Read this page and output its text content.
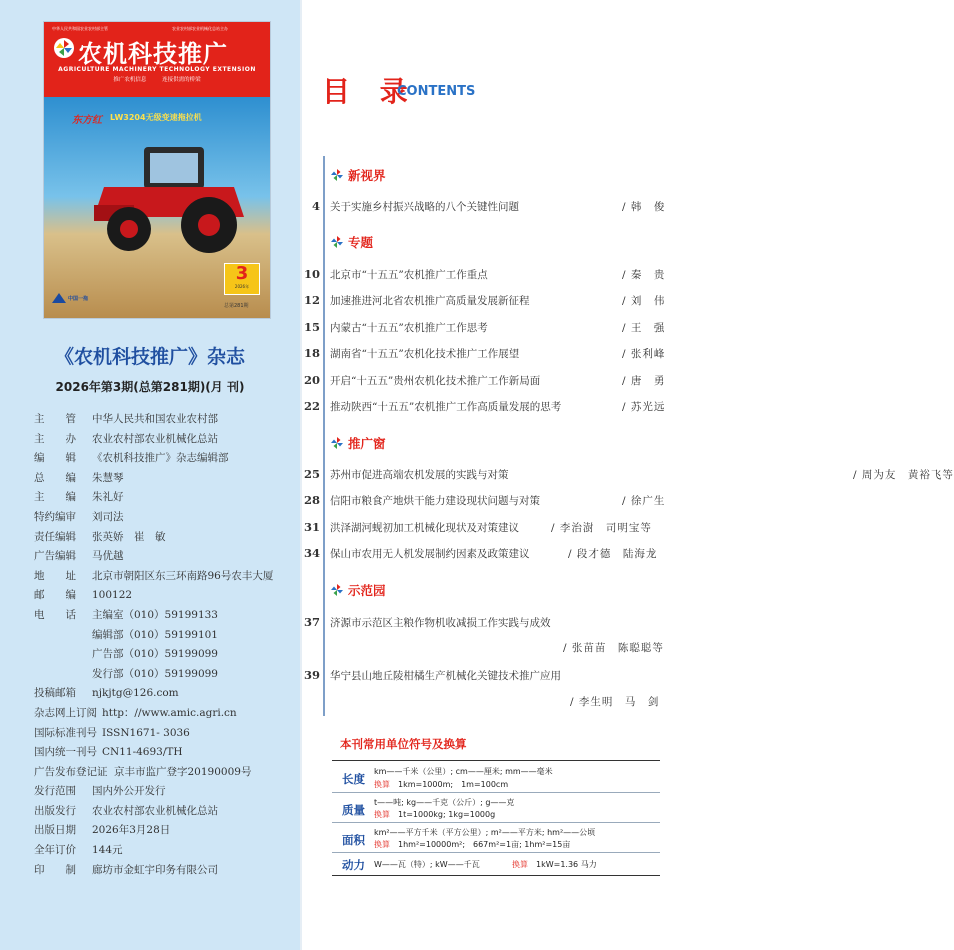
中华人民共和国农业农村部主管	农业农村部农业机械化总站主办
农机科技推广
AGRICULTURE MACHINERY TECHNOLOGY EXTENSION
推广农机信息	连接供需的桥梁
东方红 LW3204无级变速拖拉机
中国一拖
3
2026年
总第281期
《农机科技推广》杂志
2026年第3期(总第281期)(月 刊)
主　　管	中华人民共和国农业农村部
主　　办	农业农村部农业机械化总站
编　　辑	《农机科技推广》杂志编辑部
总　　编	朱慧琴
主　　编	朱礼好
特约编审	刘司法
责任编辑	张英娇　崔　敏
广告编辑	马优越
地　　址	北京市朝阳区东三环南路96号农丰大厦
邮　　编	100122
电　　话	主编室（010）59199133
编辑部（010）59199101
广告部（010）59199099
发行部（010）59199099
投稿邮箱	njkjtg@126.com
杂志网上订阅 http：//www.amic.agri.cn
国际标准刊号 ISSN1671- 3036
国内统一刊号 CN11-4693/TH
广告发布登记证 京丰市监广登字20190009号
发行范围	国内外公开发行
出版发行	农业农村部农业机械化总站
出版日期	2026年3月28日
全年订价	144元
印　　制	廊坊市金虹宇印务有限公司
目 录
CONTENTS
新视界
4 关于实施乡村振兴战略的八个关键性问题	/ 韩　俊
专题
10 北京市“十五五”农机推广工作重点	/ 秦　贵
12 加速推进河北省农机推广高质量发展新征程	/ 刘　伟
15 内蒙古“十五五”农机推广工作思考	/ 王　强
18 湖南省“十五五”农机化技术推广工作展望	/ 张利峰
20 开启“十五五”贵州农机化技术推广工作新局面	/ 唐　勇
22 推动陕西“十五五”农机推广工作高质量发展的思考	/ 苏光远
推广窗
25 苏州市促进高端农机发展的实践与对策	/ 周为友　黄裕飞等
28 信阳市粮食产地烘干能力建设现状问题与对策	/ 徐广生
31 洪泽湖河蚬初加工机械化现状及对策建议	/ 李治澍　司明宝等
34 保山市农用无人机发展制约因素及政策建议	/ 段才德　陆海龙
示范园
37 济源市示范区主粮作物机收减损工作实践与成效
/ 张苗苗　陈聪聪等
39 华宁县山地丘陵柑橘生产机械化关键技术推广应用
/ 李生明　马　剑
本刊常用单位符号及换算
长度
km——千米（公里）; cm——厘米; mm——毫米
换算　 1km=1000m;　1m=100cm
质量
t——吨; kg——千克（公斤）; g——克
换算　 1t=1000kg; 1kg=1000g
面积
km²——平方千米（平方公里）; m²——平方米; hm²——公顷
换算　 1hm²=10000m²;　667m²=1亩; 1hm²=15亩
动力 W——瓦（特）; kW——千瓦	换算　 1kW=1.36 马力
